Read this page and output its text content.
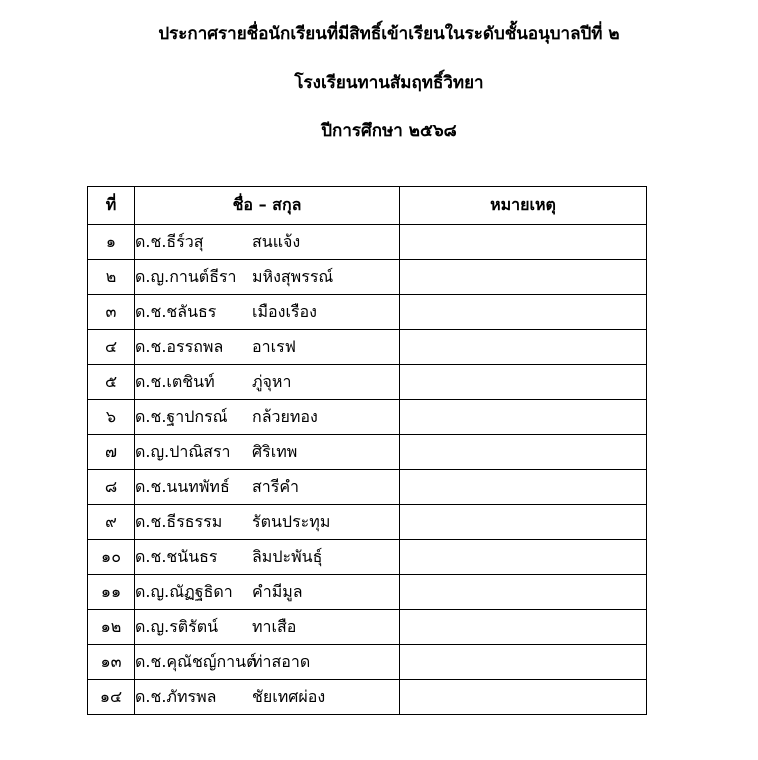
ประกาศรายชื่อนักเรียนที่มีสิทธิ์เข้าเรียนในระดับชั้นอนุบาลปีที่ ๒
โรงเรียนทานสัมฤทธิ์วิทยา
ปีการศึกษา ๒๕๖๘
ที่	ชื่อ – สกุล	หมายเหตุ
๑	ด.ช.ธีร์วสุ สนแจ้ง	
๒	ด.ญ.กานต์ธีรา มหิงสุพรรณ์	
๓	ด.ช.ชลันธร เมืองเรือง	
๔	ด.ช.อรรถพล อาเรฟ	
๕	ด.ช.เตชินท์ ภู่จุหา	
๖	ด.ช.ฐาปกรณ์ กล้วยทอง	
๗	ด.ญ.ปาณิสรา ศิริเทพ	
๘	ด.ช.นนทพัทธ์ สารีคำ	
๙	ด.ช.ธีรธรรม รัตนประทุม	
๑๐	ด.ช.ชนันธร ลิมปะพันธุ์	
๑๑	ด.ญ.ณัฏฐธิดา คำมีมูล	
๑๒	ด.ญ.รติรัตน์ ทาเสือ	
๑๓	ด.ช.คุณัชญ์กานต์ท่าสอาด	
๑๔	ด.ช.ภัทรพล ชัยเทศผ่อง	
